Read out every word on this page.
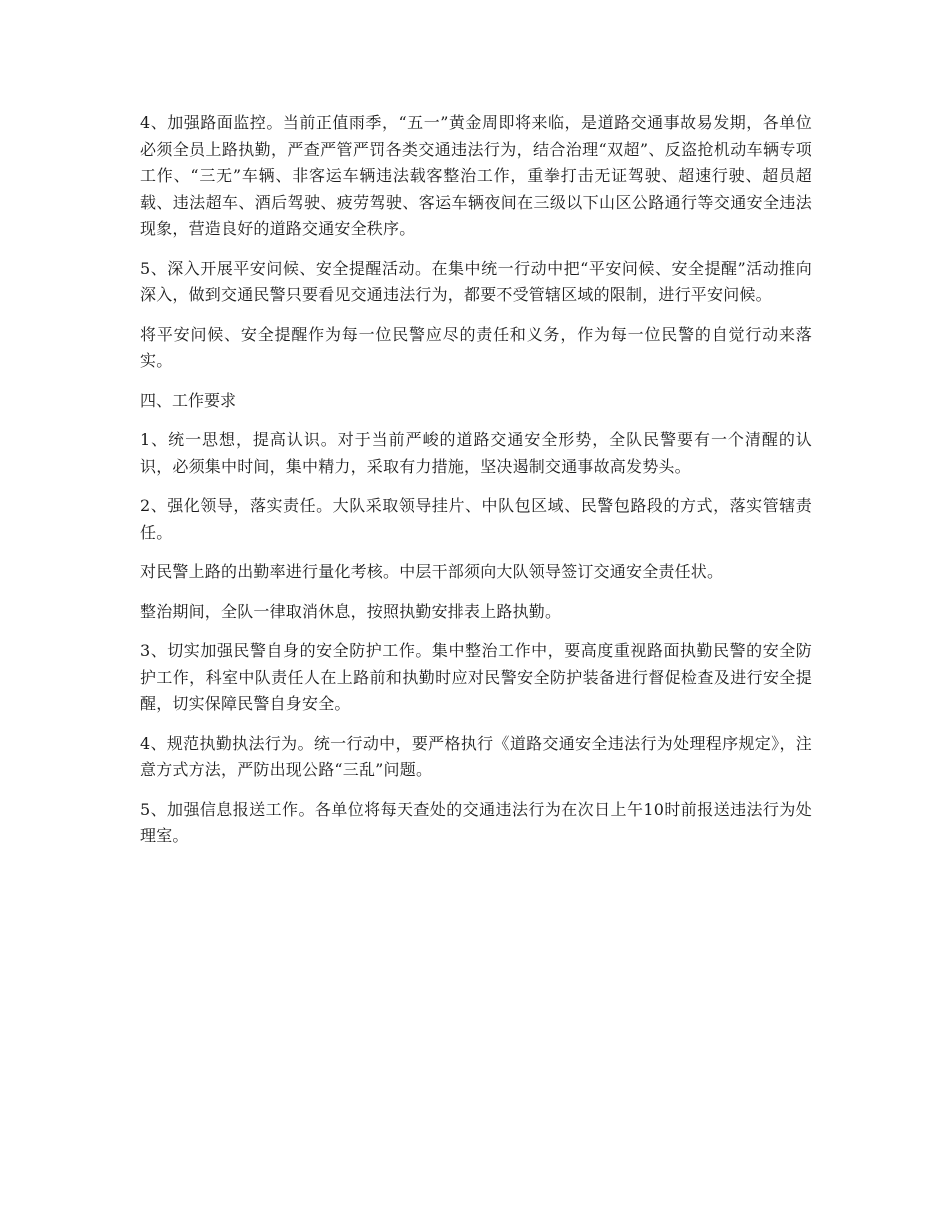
4、加强路面监控。当前正值雨季，“五一”黄金周即将来临，是道路交通事故易发期，各单位必须全员上路执勤，严查严管严罚各类交通违法行为，结合治理“双超”、反盗抢机动车辆专项工作、“三无”车辆、非客运车辆违法载客整治工作，重拳打击无证驾驶、超速行驶、超员超载、违法超车、酒后驾驶、疲劳驾驶、客运车辆夜间在三级以下山区公路通行等交通安全违法现象，营造良好的道路交通安全秩序。

5、深入开展平安问候、安全提醒活动。在集中统一行动中把“平安问候、安全提醒”活动推向深入，做到交通民警只要看见交通违法行为，都要不受管辖区域的限制，进行平安问候。

将平安问候、安全提醒作为每一位民警应尽的责任和义务，作为每一位民警的自觉行动来落实。

四、工作要求

1、统一思想，提高认识。对于当前严峻的道路交通安全形势，全队民警要有一个清醒的认识，必须集中时间，集中精力，采取有力措施，坚决遏制交通事故高发势头。

2、强化领导，落实责任。大队采取领导挂片、中队包区域、民警包路段的方式，落实管辖责任。

对民警上路的出勤率进行量化考核。中层干部须向大队领导签订交通安全责任状。

整治期间，全队一律取消休息，按照执勤安排表上路执勤。

3、切实加强民警自身的安全防护工作。集中整治工作中，要高度重视路面执勤民警的安全防护工作，科室中队责任人在上路前和执勤时应对民警安全防护装备进行督促检查及进行安全提醒，切实保障民警自身安全。

4、规范执勤执法行为。统一行动中，要严格执行《道路交通安全违法行为处理程序规定》，注意方式方法，严防出现公路“三乱”问题。

5、加强信息报送工作。各单位将每天查处的交通违法行为在次日上午10时前报送违法行为处理室。
